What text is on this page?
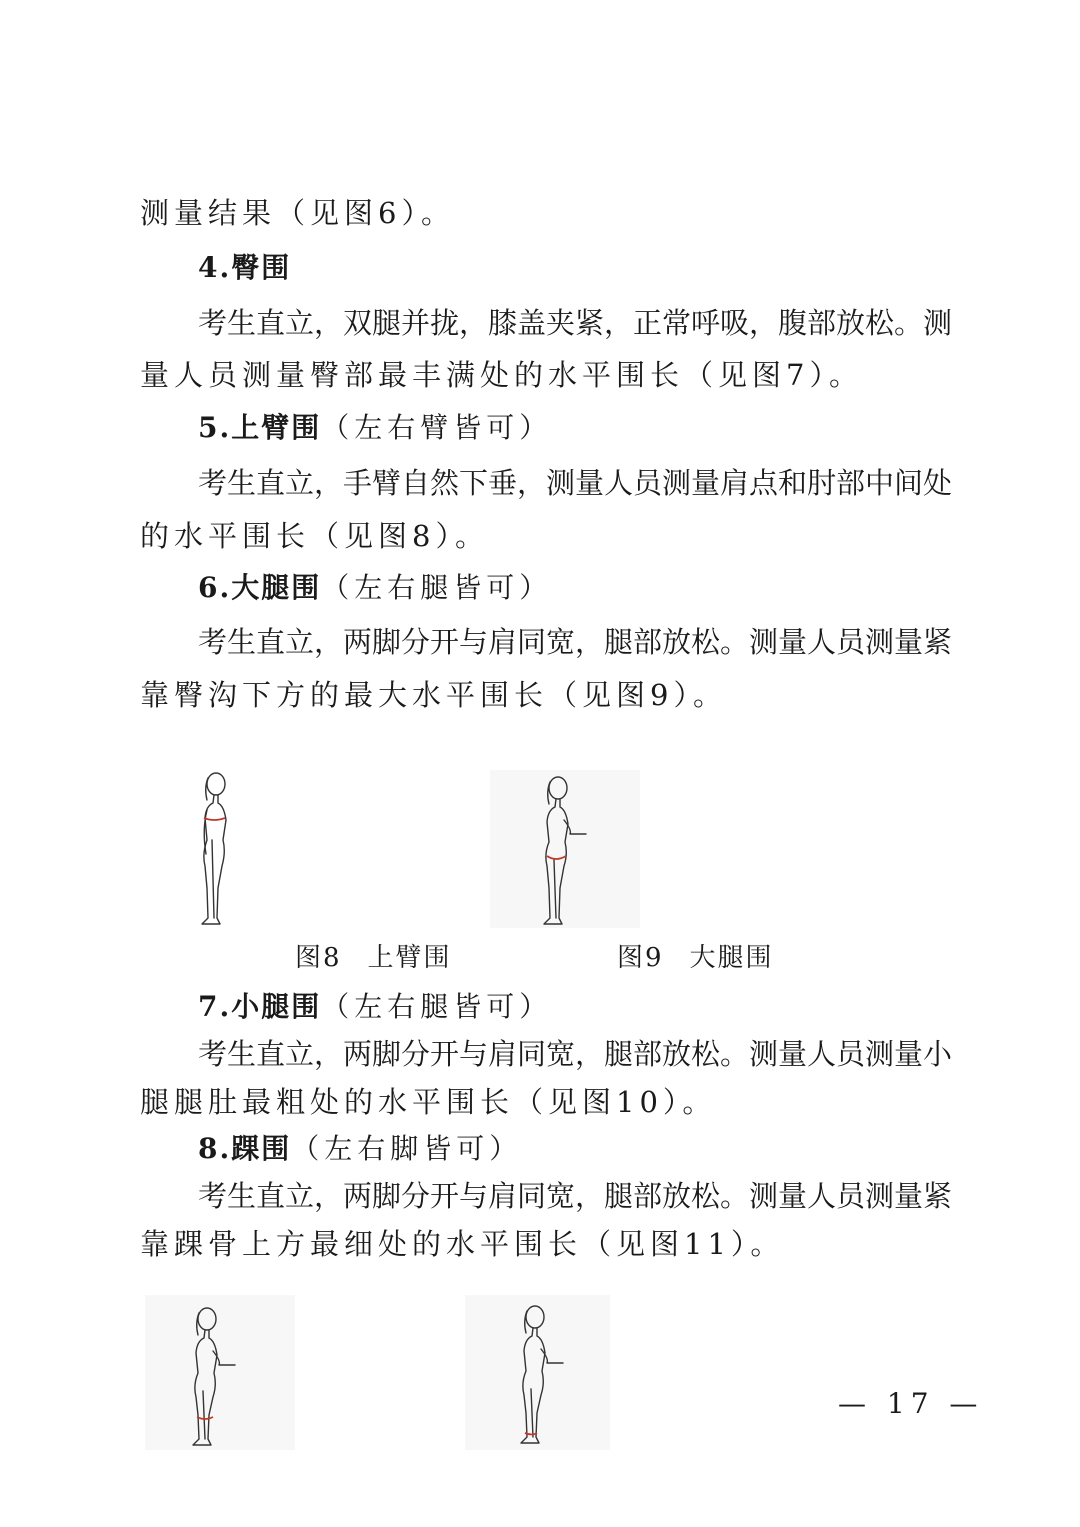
测量结果（见图6）。
4.臀围
考生直立，双腿并拢，膝盖夹紧，正常呼吸，腹部放松。测
量人员测量臀部最丰满处的水平围长（见图7）。
5.上臂围（左右臂皆可）
考生直立，手臂自然下垂，测量人员测量肩点和肘部中间处
的水平围长（见图8）。
6.大腿围（左右腿皆可）
考生直立，两脚分开与肩同宽，腿部放松。测量人员测量紧
靠臀沟下方的最大水平围长（见图9）。
图8 上臂围	图9 大腿围
7.小腿围（左右腿皆可）
考生直立，两脚分开与肩同宽，腿部放松。测量人员测量小
腿腿肚最粗处的水平围长（见图10）。
8.踝围（左右脚皆可）
考生直立，两脚分开与肩同宽，腿部放松。测量人员测量紧
靠踝骨上方最细处的水平围长（见图11）。
— 17 —
